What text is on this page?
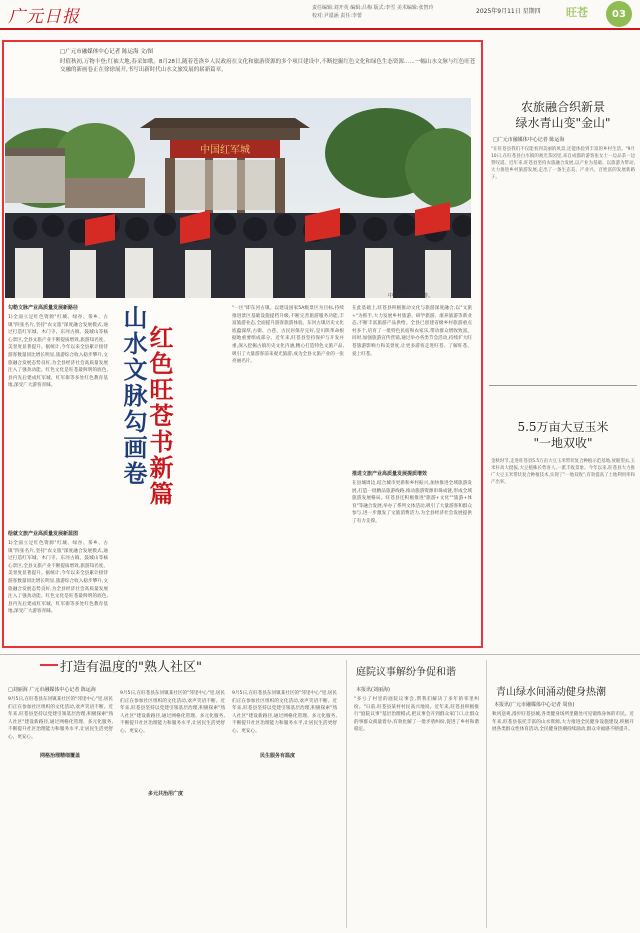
广元日报	责任编辑:刘开英 编辑:吕梅 版式:李雪 美术编辑:张智玲
校对:尹漠涵 责任:李蕾
2025年9月11日 星期四 旺苍	03
□广元市融媒体中心记者 陈运海 文/图
时值秋初,万物丰登;红袖大地,春采如歌。8月28日,随着苍洛乡人民政府在文化和旅游资源的多个项目建设中,不断挖掘红色文化和绿色生态资源……一幅山水文脉与红色旺苍交融的新画卷正在徐徐展开,书写出新时代山水文旅发展的崭新篇章。
中国红军城
中国红军城研学游。
勾勒文脉产业高质量发展新路径
1)全面立足红色资源"红城、绿谷、茶乡、古镇"四张名片,坚持"农文旅"深度融合发展模式,通过打造红军城、木门寺、东河古镇、鼓城山等核心景区,全县文旅产业不断提质增效,旅游知名度、美誉度显著提升。据统计,今年以来全县累计接待游客数量同比增长明显,旅游综合收入稳步攀升,文旅融合发展态势良好,为全县经济社会高质量发展注入了强劲动能。红色文化是旺苍最鲜明的底色,县内先后建成红军城、红军街等多处红色教育基地,深受广大游客青睐。
绘就文旅产业高质量发展新蓝图
1)全面立足红色资源"红城、绿谷、茶乡、古镇"四张名片,坚持"农文旅"深度融合发展模式,通过打造红军城、木门寺、东河古镇、鼓城山等核心景区,全县文旅产业不断提质增效,旅游知名度、美誉度显著提升。据统计,今年以来全县累计接待游客数量同比增长明显,旅游综合收入稳步攀升,文旅融合发展态势良好,为全县经济社会高质量发展注入了强劲动能。红色文化是旺苍最鲜明的底色,县内先后建成红军城、红军街等多处红色教育基地,深受广大游客青睐。
山水文脉勾画卷
红色旺苍书新篇
"一区"即东河古镇。以建设国家5A级景区为目标,持续推进景区基础设施提档升级,不断完善旅游服务功能,丰富旅游业态,全面提升游客旅游体验。东河古镇历史文化底蕴深厚,古街、古巷、古民居保存完好,是川陕革命根据地重要组成部分。近年来,旺苍县坚持保护与开发并重,深入挖掘古镇历史文化内涵,精心打造特色文旅产品,吸引了大量游客前来观光旅游,成为全县文旅产业的一张亮丽名片。
推进文旅产业高质量发展提质增效
在此基础上,旺苍县积极推动文化与旅游深度融合,以"文旅+"为抓手,大力发展乡村旅游、研学旅游、康养旅游等新业态,不断丰富旅游产品供给。全县已创建省级乡村旅游重点村多个,培育了一批特色民宿和农家乐,带动群众增收致富。同时,加强旅游宣传营销,通过举办各类节会活动,持续扩大旺苍旅游影响力和美誉度,让更多游客走进旺苍、了解旺苍、爱上旺苍。
在县城周边,结合城市更新和乡村振兴,加快推进全域旅游发展,打造一批精品旅游线路,推动旅游资源串珠成链,形成全域旅游发展格局。旺苍县还积极推进"旅游+文化""旅游+体育"等融合发展,举办了系列文体活动,吸引了大量游客和群众参与,进一步激发了文旅消费活力,为全县经济社会发展提供了有力支撑。
农旅融合织新景
绿水青山变"金山"
□广元市融媒体中心记者 陈运海
"在旺苍县我们不仅能看到美丽的风景,还能体验到丰富的乡村生活。"9月10日,在旺苍县白水镇的观光茶园里,来自成都的游客张女士一边品茶一边赞叹道。近年来,旺苍县坚持农旅融合发展,以产业为基础、以旅游为带动,大力推进乡村旅游发展,走出了一条生态美、产业兴、百姓富的发展新路子。
5.5万亩大豆玉米
"一地双收"
金秋时节,走进旺苍县5.5万亩大豆玉米带状复合种植示范基地,放眼望去,玉米秆高大挺拔,大豆植株长势喜人,一派丰收景象。今年以来,旺苍县大力推广大豆玉米带状复合种植技术,实现了"一地双收",有效提高了土地利用率和产出率。
打造有温度的"熟人社区"
□刘丽海 广元市融媒体中心记者 陈运海
网格治理精细覆盖
多元共治用广度
民生服务有温度
9月5日,在旺苍县东河镇某社区的"邻里中心"里,居民们正在参加社区组织的文化活动,欢声笑语不断。近年来,旺苍县坚持以党建引领基层治理,积极探索"熟人社区"建设新路径,通过网格化管理、多元化服务,不断提升社区治理能力和服务水平,让居民生活更舒心、更安心。
9月5日,在旺苍县东河镇某社区的"邻里中心"里,居民们正在参加社区组织的文化活动,欢声笑语不断。近年来,旺苍县坚持以党建引领基层治理,积极探索"熟人社区"建设新路径,通过网格化管理、多元化服务,不断提升社区治理能力和服务水平,让居民生活更舒心、更安心。
9月5日,在旺苍县东河镇某社区的"邻里中心"里,居民们正在参加社区组织的文化活动,欢声笑语不断。近年来,旺苍县坚持以党建引领基层治理,积极探索"熟人社区"建设新路径,通过网格化管理、多元化服务,不断提升社区治理能力和服务水平,让居民生活更舒心、更安心。
庭院议事解纷争促和谐
本报讯(刘丽海)
"多亏了村里的庭院议事会,帮我们解决了多年的邻里纠纷。"日前,旺苍县某村村民高兴地说。近年来,旺苍县积极推行"庭院议事"基层治理模式,把议事会开到群众家门口,让群众的事群众商量着办,有效化解了一批矛盾纠纷,促进了乡村和谐稳定。
青山绿水间涌动健身热潮
本报讯(广元市融媒体中心记者 周鱼)
秋风送爽,漫步旺苍县城,各类健身场所里随处可见锻炼身体的市民。近年来,旺苍县依托丰富的山水资源,大力推进全民健身设施建设,积极开展各类群众性体育活动,全民健身热潮持续涌动,群众幸福感不断提升。
